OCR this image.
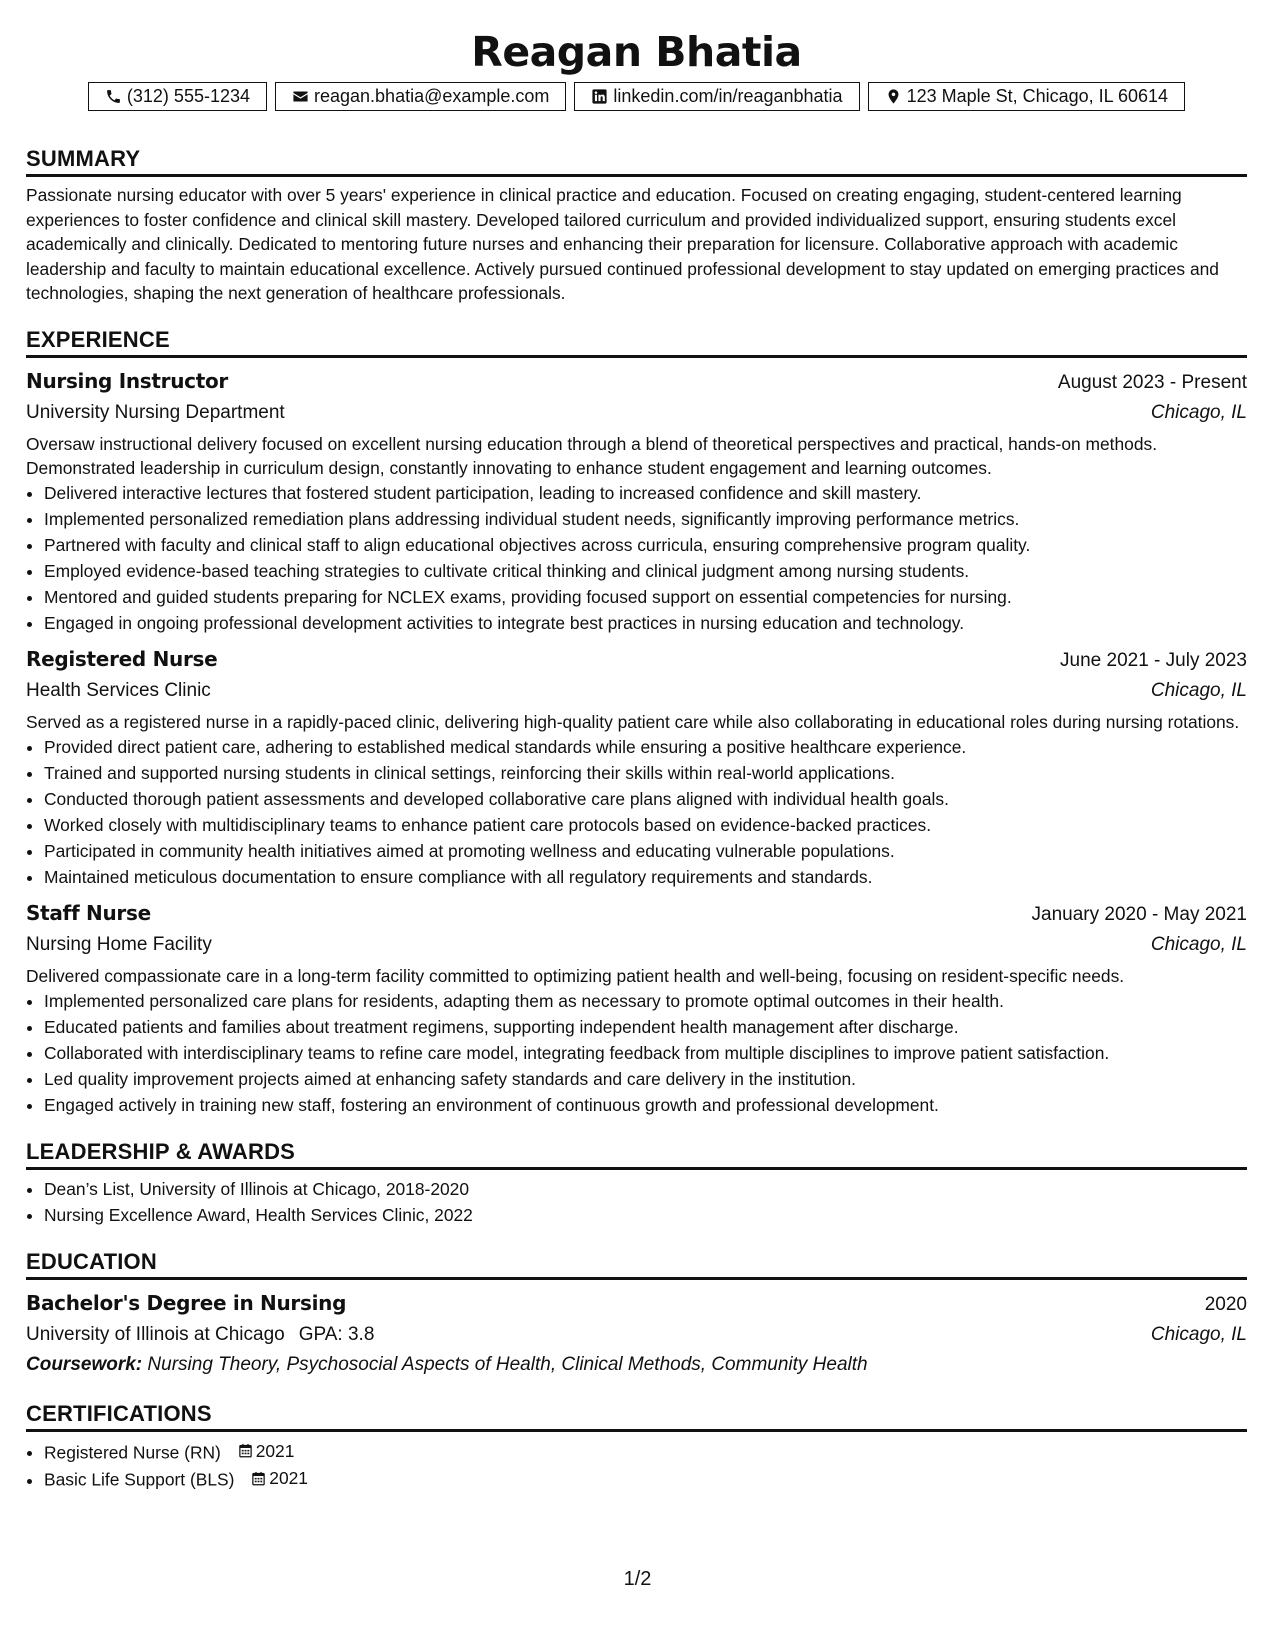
Reagan Bhatia
(312) 555-1234	reagan.bhatia@example.com	linkedin.com/in/reaganbhatia	123 Maple St, Chicago, IL 60614
SUMMARY

Passionate nursing educator with over 5 years' experience in clinical practice and education. Focused on creating engaging, student-centered learning experiences to foster confidence and clinical skill mastery. Developed tailored curriculum and provided individualized support, ensuring students excel academically and clinically. Dedicated to mentoring future nurses and enhancing their preparation for licensure. Collaborative approach with academic leadership and faculty to maintain educational excellence. Actively pursued continued professional development to stay updated on emerging practices and technologies, shaping the next generation of healthcare professionals.

EXPERIENCE
Nursing Instructor	August 2023 - Present
University Nursing Department	Chicago, IL

Oversaw instructional delivery focused on excellent nursing education through a blend of theoretical perspectives and practical, hands-on methods. Demonstrated leadership in curriculum design, constantly innovating to enhance student engagement and learning outcomes.

• Delivered interactive lectures that fostered student participation, leading to increased confidence and skill mastery.
• Implemented personalized remediation plans addressing individual student needs, significantly improving performance metrics.
• Partnered with faculty and clinical staff to align educational objectives across curricula, ensuring comprehensive program quality.
• Employed evidence-based teaching strategies to cultivate critical thinking and clinical judgment among nursing students.
• Mentored and guided students preparing for NCLEX exams, providing focused support on essential competencies for nursing.
• Engaged in ongoing professional development activities to integrate best practices in nursing education and technology.
Registered Nurse	June 2021 - July 2023
Health Services Clinic	Chicago, IL

Served as a registered nurse in a rapidly-paced clinic, delivering high-quality patient care while also collaborating in educational roles during nursing rotations.

• Provided direct patient care, adhering to established medical standards while ensuring a positive healthcare experience.
• Trained and supported nursing students in clinical settings, reinforcing their skills within real-world applications.
• Conducted thorough patient assessments and developed collaborative care plans aligned with individual health goals.
• Worked closely with multidisciplinary teams to enhance patient care protocols based on evidence-backed practices.
• Participated in community health initiatives aimed at promoting wellness and educating vulnerable populations.
• Maintained meticulous documentation to ensure compliance with all regulatory requirements and standards.
Staff Nurse	January 2020 - May 2021
Nursing Home Facility	Chicago, IL

Delivered compassionate care in a long-term facility committed to optimizing patient health and well-being, focusing on resident-specific needs.

• Implemented personalized care plans for residents, adapting them as necessary to promote optimal outcomes in their health.
• Educated patients and families about treatment regimens, supporting independent health management after discharge.
• Collaborated with interdisciplinary teams to refine care model, integrating feedback from multiple disciplines to improve patient satisfaction.
• Led quality improvement projects aimed at enhancing safety standards and care delivery in the institution.
• Engaged actively in training new staff, fostering an environment of continuous growth and professional development.
LEADERSHIP & AWARDS
• Dean’s List, University of Illinois at Chicago, 2018-2020
• Nursing Excellence Award, Health Services Clinic, 2022
EDUCATION
Bachelor's Degree in Nursing	2020
University of Illinois at Chicago GPA: 3.8	Chicago, IL
Coursework: Nursing Theory, Psychosocial Aspects of Health, Clinical Methods, Community Health
CERTIFICATIONS
• Registered Nurse (RN) 2021
• Basic Life Support (BLS) 2021
1/2
